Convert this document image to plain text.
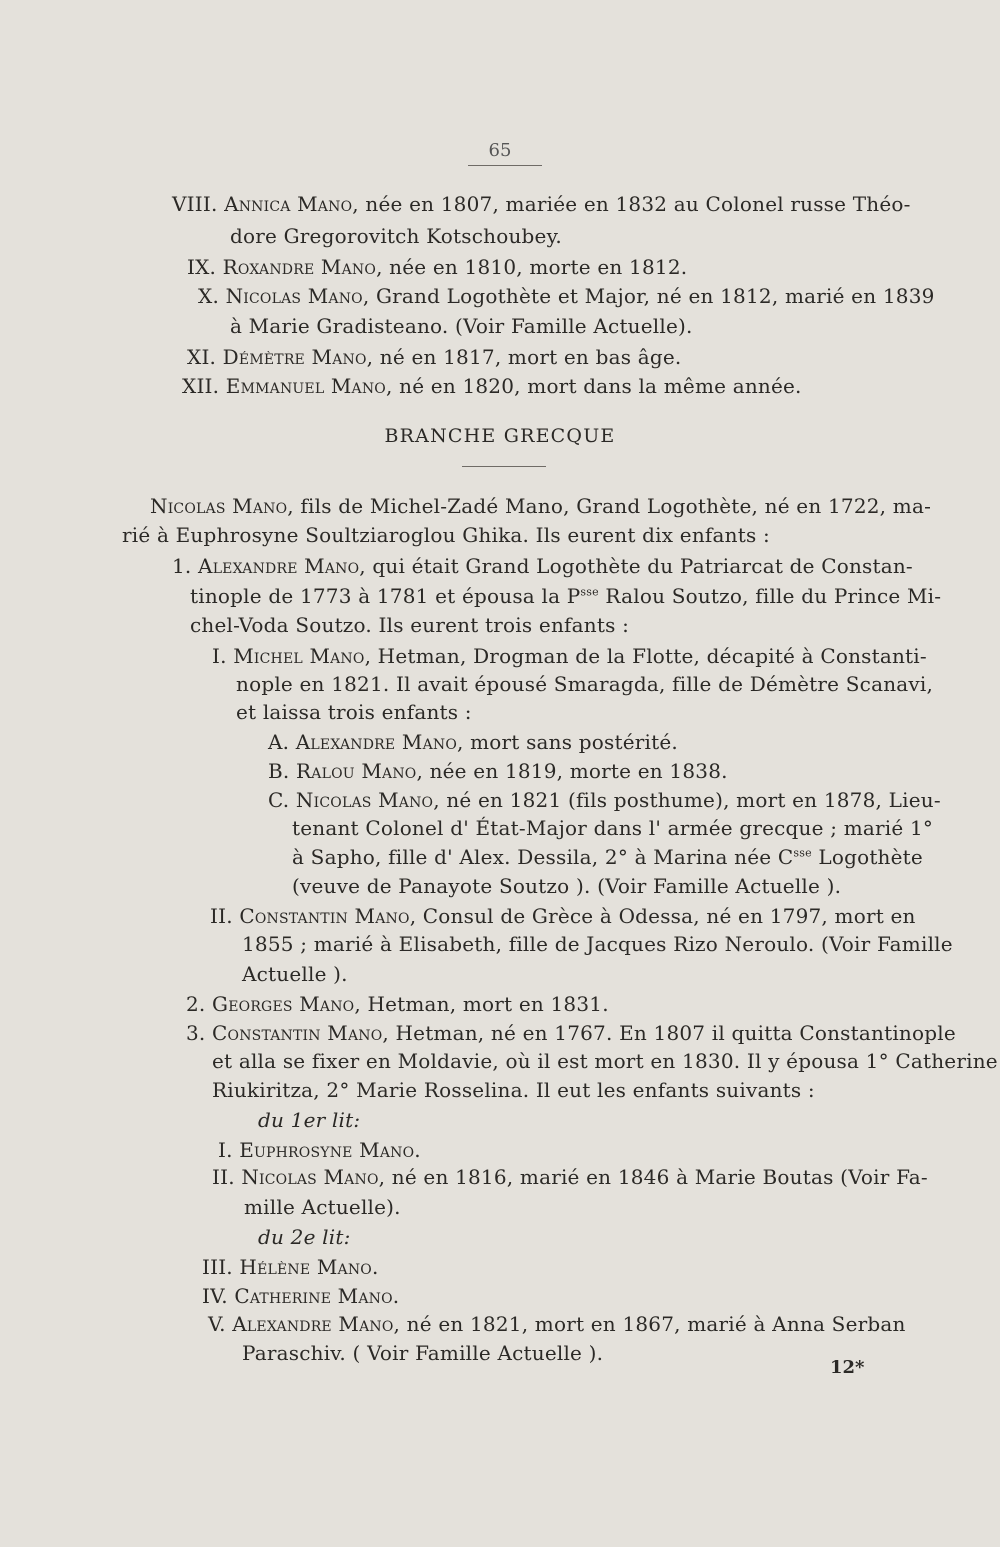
65
VIII. Annica Mano, née en 1807, mariée en 1832 au Colonel russe Théo-
dore Gregorovitch Kotschoubey.
IX. Roxandre Mano, née en 1810, morte en 1812.
X. Nicolas Mano, Grand Logothète et Major, né en 1812, marié en 1839
à Marie Gradisteano. (Voir Famille Actuelle).
XI. Démètre Mano, né en 1817, mort en bas âge.
XII. Emmanuel Mano, né en 1820, mort dans la même année.
BRANCHE GRECQUE
Nicolas Mano, fils de Michel-Zadé Mano, Grand Logothète, né en 1722, ma-
rié à Euphrosyne Soultziaroglou Ghika. Ils eurent dix enfants :
1. Alexandre Mano, qui était Grand Logothète du Patriarcat de Constan-
tinople de 1773 à 1781 et épousa la $P^{sse}$ Ralou Soutzo, fille du Prince Mi-
chel-Voda Soutzo. Ils eurent trois enfants :
I. Michel Mano, Hetman, Drogman de la Flotte, décapité à Constanti-
nople en 1821. Il avait épousé Smaragda, fille de Démètre Scanavi,
et laissa trois enfants :
A. Alexandre Mano, mort sans postérité.
B. Ralou Mano, née en 1819, morte en 1838.
C. Nicolas Mano, né en 1821 (fils posthume), mort en 1878, Lieu-
tenant Colonel d' État-Major dans l' armée grecque ; marié 1°
à Sapho, fille d' Alex. Dessila, 2° à Marina née $C^{sse}$ Logothète
(veuve de Panayote Soutzo ). (Voir Famille Actuelle ).
II. Constantin Mano, Consul de Grèce à Odessa, né en 1797, mort en
1855 ; marié à Elisabeth, fille de Jacques Rizo Neroulo. (Voir Famille
Actuelle ).
2. Georges Mano, Hetman, mort en 1831.
3. Constantin Mano, Hetman, né en 1767. En 1807 il quitta Constantinople
et alla se fixer en Moldavie, où il est mort en 1830. Il y épousa 1° Catherine
Riukiritza, 2° Marie Rosselina. Il eut les enfants suivants :
du 1er lit:
I. Euphrosyne Mano.
II. Nicolas Mano, né en 1816, marié en 1846 à Marie Boutas (Voir Fa-
mille Actuelle).
du 2e lit:
III. Hélène Mano.
IV. Catherine Mano.
V. Alexandre Mano, né en 1821, mort en 1867, marié à Anna Serban
Paraschiv. ( Voir Famille Actuelle ).
12*
